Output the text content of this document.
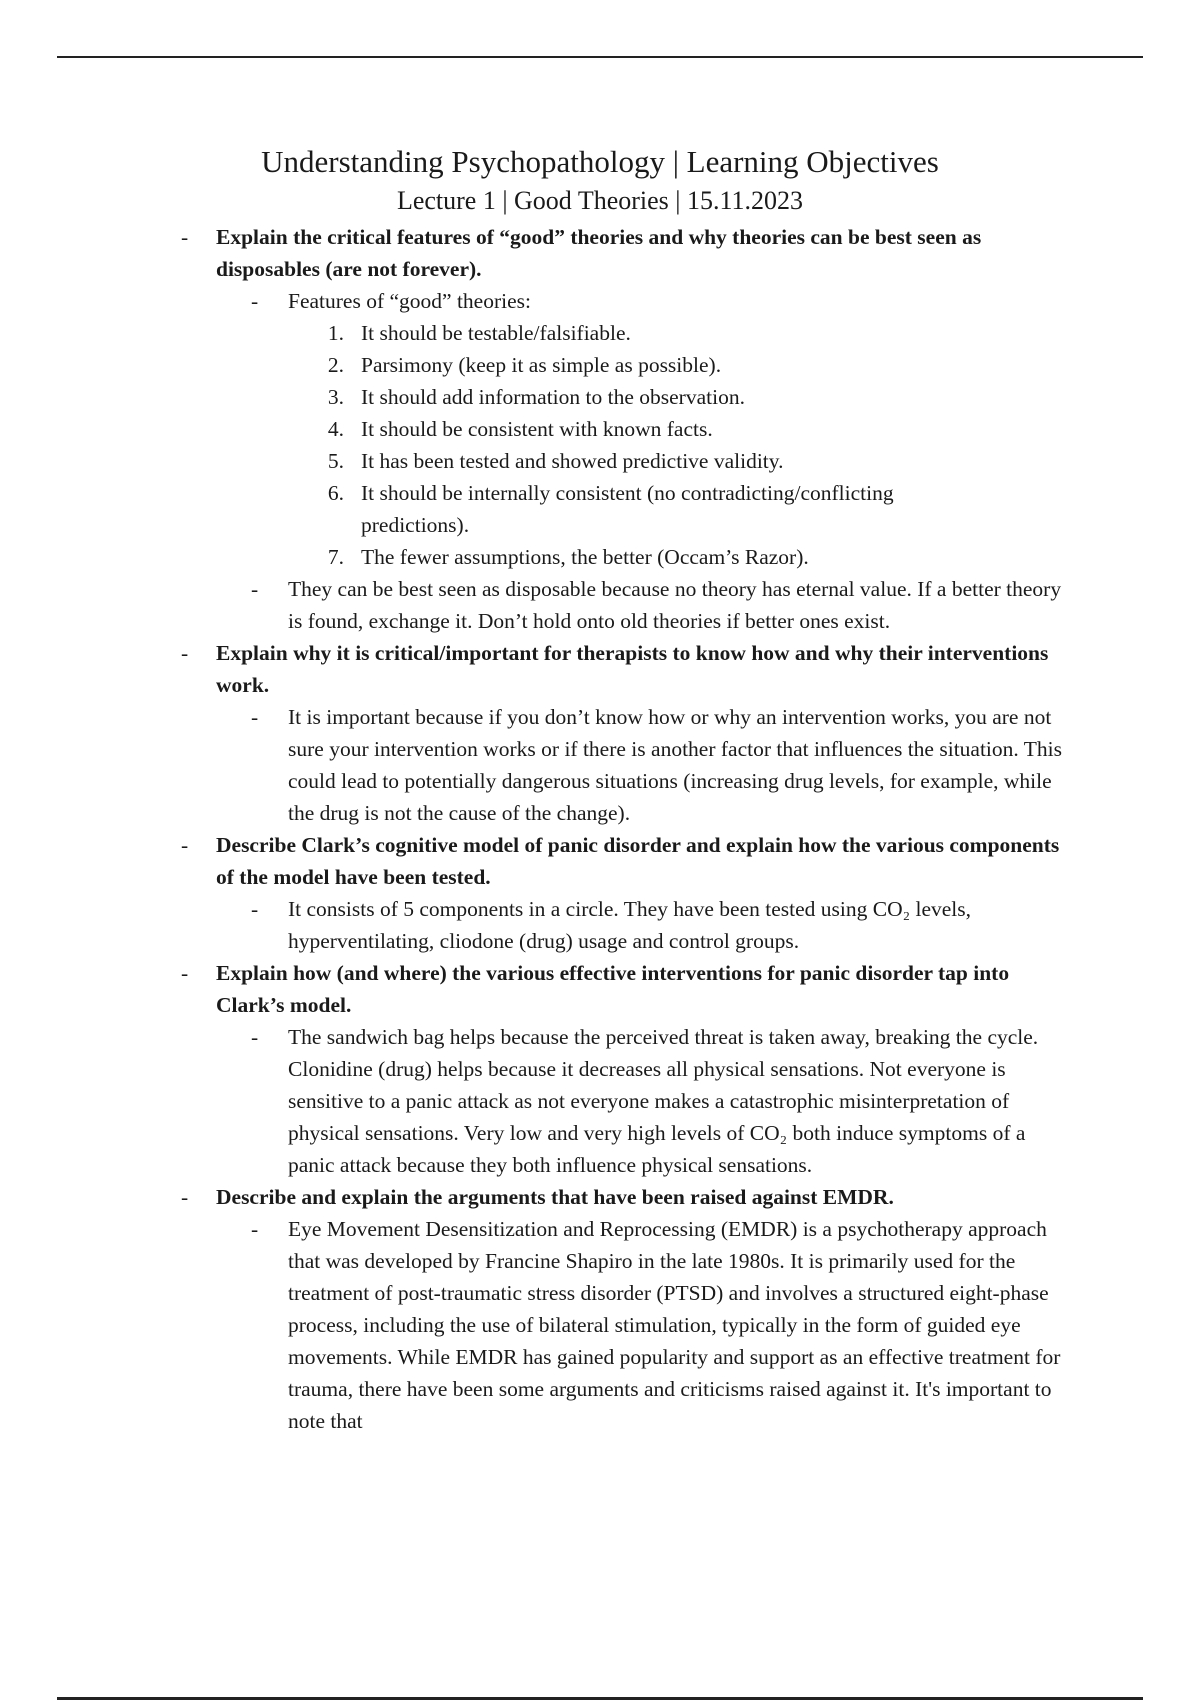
Understanding Psychopathology | Learning Objectives
Lecture 1 | Good Theories | 15.11.2023
- Explain the critical features of “good” theories and why theories can be best seen as disposables (are not forever).
- Features of “good” theories:
1. It should be testable/falsifiable.
2. Parsimony (keep it as simple as possible).
3. It should add information to the observation.
4. It should be consistent with known facts.
5. It has been tested and showed predictive validity.
6. It should be internally consistent (no contradicting/conflicting predictions).
7. The fewer assumptions, the better (Occam’s Razor).
- They can be best seen as disposable because no theory has eternal value. If a better theory is found, exchange it. Don’t hold onto old theories if better ones exist.
- Explain why it is critical/important for therapists to know how and why their interventions work.
- It is important because if you don’t know how or why an intervention works, you are not sure your intervention works or if there is another factor that influences the situation. This could lead to potentially dangerous situations (increasing drug levels, for example, while the drug is not the cause of the change).
- Describe Clark’s cognitive model of panic disorder and explain how the various components of the model have been tested.
- It consists of 5 components in a circle. They have been tested using CO₂ levels, hyperventilating, cliodone (drug) usage and control groups.
- Explain how (and where) the various effective interventions for panic disorder tap into Clark’s model.
- The sandwich bag helps because the perceived threat is taken away, breaking the cycle. Clonidine (drug) helps because it decreases all physical sensations. Not everyone is sensitive to a panic attack as not everyone makes a catastrophic misinterpretation of physical sensations. Very low and very high levels of CO₂ both induce symptoms of a panic attack because they both influence physical sensations.
- Describe and explain the arguments that have been raised against EMDR.
- Eye Movement Desensitization and Reprocessing (EMDR) is a psychotherapy approach that was developed by Francine Shapiro in the late 1980s. It is primarily used for the treatment of post-traumatic stress disorder (PTSD) and involves a structured eight-phase process, including the use of bilateral stimulation, typically in the form of guided eye movements. While EMDR has gained popularity and support as an effective treatment for trauma, there have been some arguments and criticisms raised against it. It's important to note that
